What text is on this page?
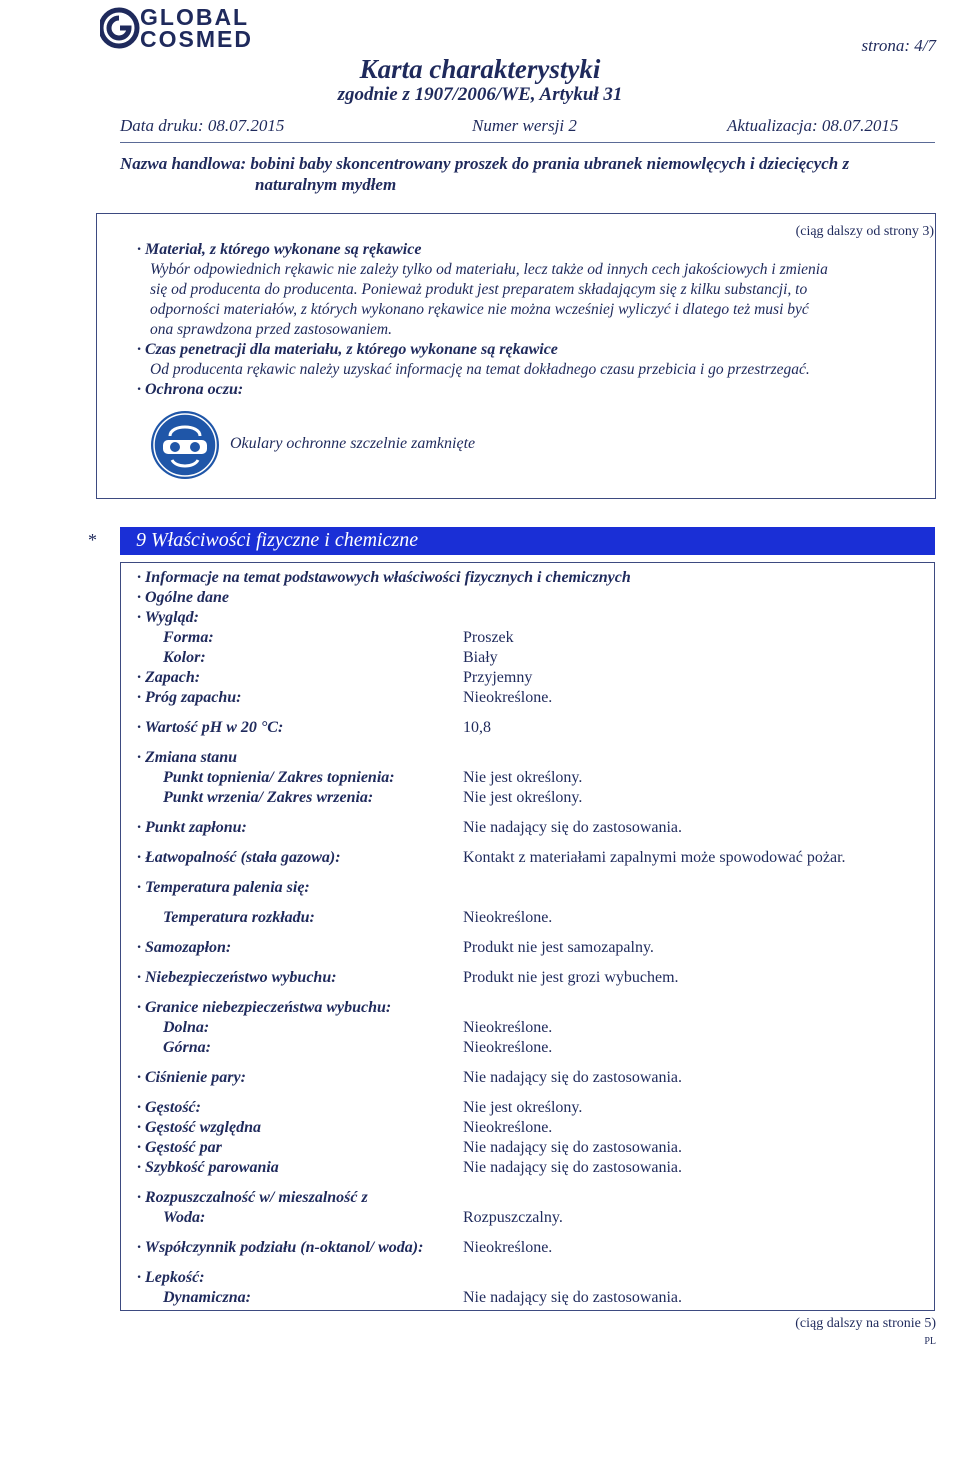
GLOBAL
COSMED	strona: 4/7
Karta charakterystyki
zgodnie z 1907/2006/WE, Artykuł 31
Data druku: 08.07.2015	Numer wersji 2	Aktualizacja: 08.07.2015
Nazwa handlowa: bobini baby skoncentrowany proszek do prania ubranek niemowlęcych i dziecięcych z
naturalnym mydłem
(ciąg dalszy od strony 3)
· Materiał, z którego wykonane są rękawice
Wybór odpowiednich rękawic nie zależy tylko od materiału, lecz także od innych cech jakościowych i zmienia
się od producenta do producenta. Ponieważ produkt jest preparatem składającym się z kilku substancji, to
odporności materiałów, z których wykonano rękawice nie można wcześniej wyliczyć i dlatego też musi być
ona sprawdzona przed zastosowaniem.
· Czas penetracji dla materiału, z którego wykonane są rękawice
Od producenta rękawic należy uzyskać informację na temat dokładnego czasu przebicia i go przestrzegać.
· Ochrona oczu:
Okulary ochronne szczelnie zamknięte
* 9 Właściwości fizyczne i chemiczne
· Informacje na temat podstawowych właściwości fizycznych i chemicznych
· Ogólne dane
· Wygląd:
Forma:	Proszek
Kolor:	Biały
· Zapach:	Przyjemny
· Próg zapachu:	Nieokreślone.
· Wartość pH w 20 °C:	10,8
· Zmiana stanu
Punkt topnienia/ Zakres topnienia:	Nie jest określony.
Punkt wrzenia/ Zakres wrzenia:	Nie jest określony.
· Punkt zapłonu:	Nie nadający się do zastosowania.
· Łatwopalność (stała gazowa):	Kontakt z materiałami zapalnymi może spowodować pożar.
· Temperatura palenia się:
Temperatura rozkładu:	Nieokreślone.
· Samozapłon:	Produkt nie jest samozapalny.
· Niebezpieczeństwo wybuchu:	Produkt nie jest grozi wybuchem.
· Granice niebezpieczeństwa wybuchu:
Dolna:	Nieokreślone.
Górna:	Nieokreślone.
· Ciśnienie pary:	Nie nadający się do zastosowania.
· Gęstość:	Nie jest określony.
· Gęstość względna	Nieokreślone.
· Gęstość par	Nie nadający się do zastosowania.
· Szybkość parowania	Nie nadający się do zastosowania.
· Rozpuszczalność w/ mieszalność z
Woda:	Rozpuszczalny.
· Współczynnik podziału (n-oktanol/ woda): Nieokreślone.
· Lepkość:
Dynamiczna:	Nie nadający się do zastosowania.
(ciąg dalszy na stronie 5)
PL
